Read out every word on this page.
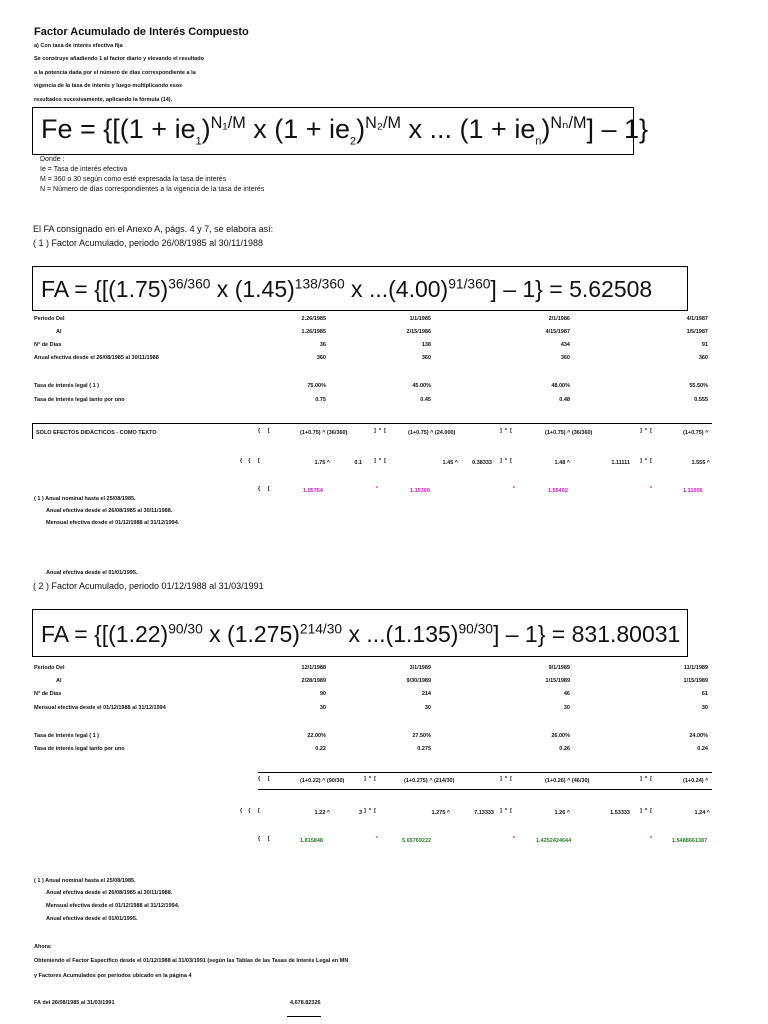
Factor Acumulado de Interés Compuesto
a) Con tasa de interés efectiva fija
Se construye añadiendo 1 al factor diario y elevando el resultado
a la potencia dada por el número de días correspondiente a la
vigencia de la tasa de interés y luego multiplicando esos
resultados sucesivamente, aplicando la fórmula (14).
$Fe = \{[(1 + ie_1)^{N_1/M}$ x $(1 + ie_2)^{N_2/M}$ x ... $(1 + ie_n)^{N_n/M}] - 1$}
Donde :
Ie = Tasa de interés efectiva
M = 360 o 30 según como esté expresada la tasa de interés
N = Número de días correspondientes a la vigencia de la tasa de interés
El FA consignado en el Anexo A, págs. 4 y 7, se elabora así:
( 1 ) Factor Acumulado, periodo 26/08/1985 al 30/11/1988
FA = {[$(1.75)^{36/360}$ x $(1.45)^{138/360}$ x $...(4.00)^{91/360}] - 1\} = 5.62508$
Periodo Del	2.26/1985	1/1/1985	2/1/1986	4/1/1987
Al	1.26/1985	2/15/1986	4/15/1987	1/5/1987
N° de Días	36	138	434	91
Anual efectiva desde el 26/08/1985 al 30/11/1988	360	360	360	360
Tasa de interés legal ( 1 )	75.00%	45.00%	48.00%	55.50%
Tasa de interés legal tanto por uno	0.75	0.45	0.48	0.555
SOLO EFECTOS DIDÁCTICOS - COMO TEXTO	{     [	(1+0.75) ^ (36/360)	]  *  [	(1+0.75) ^ (24.000)	]  *  [	(1+0.75) ^ (36/360)	]  *  [	(1+0.75) ^
{    {     [	1.75 ^	0.1 ]  *  [	1.45 ^	0.38333 ]  *  [	1.48 ^	1.11111 ]  *  [	1.555 ^
{     [	1.05754	*	1.15300	*	1.55402	*	1.11000
( 1 ) Anual nominal hasta el 25/08/1985.
Anual efectiva desde el 26/08/1985 al 30/11/1988.
Mensual efectiva desde el 01/12/1988 al 31/12/1994.
Anual efectiva desde el 01/01/1995.
( 2 ) Factor Acumulado, periodo 01/12/1988 al 31/03/1991
FA = {[$(1.22)^{90/30}$ x $(1.275)^{214/30}$ x $...(1.135)^{90/30}] - 1\} = 831.80031$
Periodo Del	12/1/1988	3/1/1989	9/1/1989	11/1/1989
Al	2/28/1989	9/30/1989	1/15/1989	1/15/1989
N° de Días	90	214	46	61
Mensual efectiva desde el 01/12/1988 al 31/12/1994	30	30	30	30
Tasa de interés legal ( 1 )	22.00%	27.50%	26.00%	24.00%
Tasa de interés legal tanto por uno	0.22	0.275	0.26	0.24
{     [	(1+0.22) ^ (90/30)	]  *  [	(1+0.275) ^ (214/30)	]  *  [	(1+0.26) ^ (46/30)	]  *  [	(1+0.24) ^
{    {     [	1.22 ^	3 ]  *  [	1.275 ^	7.13333 ]  *  [	1.26 ^	1.53333 ]  *  [	1.24 ^
{     [	1.815848	*	5.65769222	*	1.4252424644	*	1.5488661387
( 1 ) Anual nominal hasta el 25/08/1985.
Anual efectiva desde el 26/08/1985 al 30/11/1988.
Mensual efectiva desde el 01/12/1988 al 31/12/1994.
Anual efectiva desde el 01/01/1995.
Ahora:
Obteniendo el Factor Específico desde el 01/12/1988 al 31/03/1991 (según las Tablas de las Tasas de Interés Legal en MN
y Factores Acumulados por períodos ubicado en la página 4
FA del 26/08/1985 al 31/03/1991	4,678.82326
